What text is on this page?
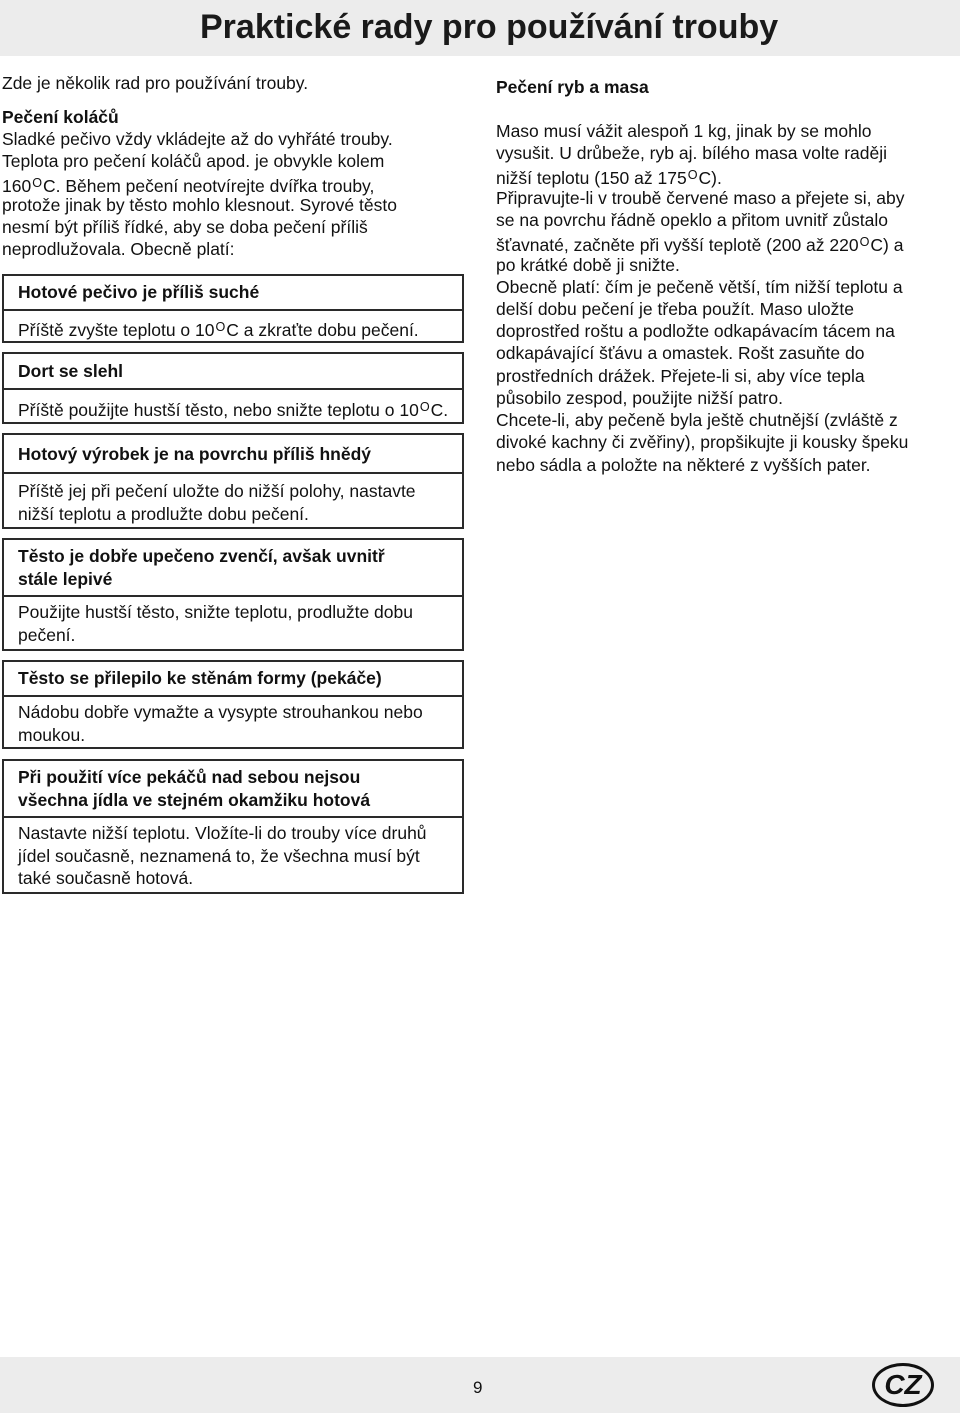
Praktické rady pro používání trouby
Zde je několik rad pro používání trouby.
Pečení koláčů
Sladké pečivo vždy vkládejte až do vyhřáté trouby.
Teplota pro pečení koláčů apod. je obvykle kolem
$160^OC$. Během pečení neotvírejte dvířka trouby,
protože jinak by těsto mohlo klesnout. Syrové těsto
nesmí být příliš řídké, aby se doba pečení příliš
neprodlužovala. Obecně platí:
Hotové pečivo je příliš suché
Příště zvyšte teplotu o $10^OC$ a zkraťte dobu pečení.
Dort se slehl
Příště použijte hustší těsto, nebo snižte teplotu o $10^OC$.
Hotový výrobek je na povrchu příliš hnědý
Příště jej při pečení uložte do nižší polohy, nastavte
nižší teplotu a prodlužte dobu pečení.
Těsto je dobře upečeno zvenčí, avšak uvnitř
stále lepivé
Použijte hustší těsto, snižte teplotu, prodlužte dobu
pečení.
Těsto se přilepilo ke stěnám formy (pekáče)
Nádobu dobře vymažte a vysypte strouhankou nebo
moukou.
Při použití více pekáčů nad sebou nejsou
všechna jídla ve stejném okamžiku hotová
Nastavte nižší teplotu. Vložíte-li do trouby více druhů
jídel současně, neznamená to, že všechna musí být
také současně hotová.
Pečení ryb a masa
Maso musí vážit alespoň 1 kg, jinak by se mohlo
vysušit. U drůbeže, ryb aj. bílého masa volte raději
nižší teplotu (150 až $175^OC$).
Připravujte-li v troubě červené maso a přejete si, aby
se na povrchu řádně opeklo a přitom uvnitř zůstalo
šťavnaté, začněte při vyšší teplotě (200 až $220^OC$) a
po krátké době ji snižte.
Obecně platí: čím je pečeně větší, tím nižší teplotu a
delší dobu pečení je třeba použít. Maso uložte
doprostřed roštu a podložte odkapávacím tácem na
odkapávající šťávu a omastek. Rošt zasuňte do
prostředních drážek. Přejete-li si, aby více tepla
působilo zespod, použijte nižší patro.
Chcete-li, aby pečeně byla ještě chutnější (zvláště z
divoké kachny či zvěřiny), propšikujte ji kousky špeku
nebo sádla a položte na některé z vyšších pater.
9	CZ
